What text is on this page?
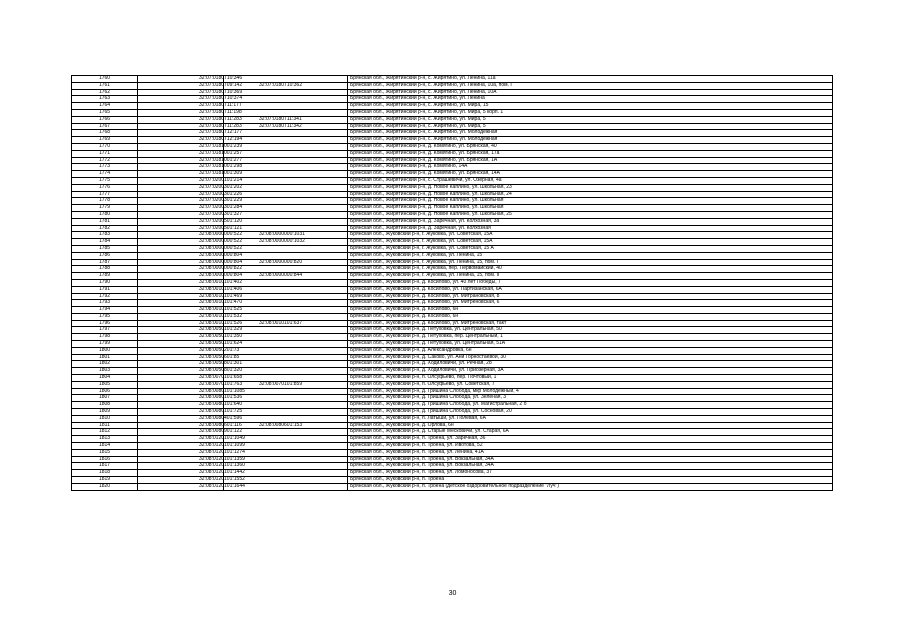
1760	32:07:0180710:346		Брянская обл., Жирятинский р-н, с. Жирятино, ул. Ленина, 11а
1761	32:07:0180709:142	32:07:0180710:362	Брянская обл., Жирятинский р-н, с. Жирятино, ул. Ленина, 10а, пом. I
1762	32:07:0180710:369		Брянская обл., Жирятинский р-н, с. Жирятино, ул. Ленина, 10А
1763	32:07:0180710:374		Брянская обл., Жирятинский р-н, с. Жирятино, ул. Ленина
1764	32:07:0180711:177		Брянская обл., Жирятинский р-н, с. Жирятино, ул. Мира, 15
1765	32:07:0180711:198		Брянская обл., Жирятинский р-н, с. Жирятино, ул. Мира, 5 корп. 1
1766	32:07:0180711:283	32:07:0180711:341	Брянская обл., Жирятинский р-н, с. Жирятино, ул. Мира, 5
1767	32:07:0180711:283	32:07:0180711:342	Брянская обл., Жирятинский р-н, с. Жирятино, ул. Мира, 5
1768	32:07:0180712:177		Брянская обл., Жирятинский р-н, с. Жирятино, ул. Молодежная
1769	32:07:0180712:194		Брянская обл., Жирятинский р-н, с. Жирятино, ул. Молодежная
1770	32:07:0181001:239		Брянская обл., Жирятинский р-н, д. Комягино, ул. Брянская, 40
1771	32:07:0181001:257		Брянская обл., Жирятинский р-н, д. Комягино, ул. Брянская, 17а
1772	32:07:0181001:277		Брянская обл., Жирятинский р-н, д. Комягино, ул. Брянская, 1А
1773	32:07:0181001:298		Брянская обл., Жирятинский р-н, д. Комягино, 14А
1774	32:07:0181001:309		Брянская обл., Жирятинский р-н, д. Комягино, ул. Брянская, 14А
1775	32:07:0200101:214		Брянская обл., Жирятинский р-н, с. Страшевичи, ул. Озерная, 4а
1776	32:07:0200301:202		Брянская обл., Жирятинский р-н, д. Новое Каплино, ул. Школьная, 23
1777	32:07:0200301:226		Брянская обл., Жирятинский р-н, д. Новое Каплино, ул. Школьная, 24
1778	32:07:0200301:229		Брянская обл., Жирятинский р-н, д. Новое Каплино, ул. Школьная
1779	32:07:0200301:284		Брянская обл., Жирятинский р-н, д. Новое Каплино, ул. Школьная
1780	32:07:0200301:327		Брянская обл., Жирятинский р-н, д. Новое Каплино, ул. Школьная, 25
1781	32:07:0200501:120		Брянская обл., Жирятинский р-н, д. Заречная, ул. Колхозная, 3а
1782	32:07:0200501:121		Брянская обл., Жирятинский р-н, д. Заречная, ул. Колхозная
1783	32:08:0000000:522	32:08:0000000:1031	Брянская обл., Жуковский р-н, г. Жуковка, ул. Советская, 15А
1784	32:08:0000000:522	32:08:0000000:1032	Брянская обл., Жуковский р-н, г. Жуковка, ул. Советская, 15А
1785	32:08:0000000:522		Брянская обл., Жуковский р-н, г. Жуковка, ул. Советская, 15 А
1786	32:08:0000000:804		Брянская обл., Жуковский р-н, г. Жуковка, ул. Ленина, 15
1787	32:08:0000000:804	32:08:0000000:820	Брянская обл., Жуковский р-н, г. Жуковка, ул. Ленина, 15, пом. I
1788	32:08:0000000:822		Брянская обл., Жуковский р-н, г. Жуковка, пер. Первомайский, 40
1789	32:08:0000000:804	32:08:0000000:844	Брянская обл., Жуковский р-н, г. Жуковка, ул. Ленина, 15, пом. II
1790	32:08:0010101:402		Брянская обл., Жуковский р-н, д. Косилово, ул. 40 лет Победы, 7
1791	32:08:0010101:406		Брянская обл., Жуковский р-н, д. Косилово, ул. Партизанская, 6А
1792	32:08:0010101:469		Брянская обл., Жуковский р-н, д. Косилово, ул. Митрановская, 8
1793	32:08:0010101:470		Брянская обл., Жуковский р-н, д. Косилово, ул. Митреновская, 6
1794	32:08:0010101:525		Брянская обл., Жуковский р-н, д. Косилово, 6н
1795	32:08:0010101:532		Брянская обл., Жуковский р-н, д. Косилово, 6н
1796	32:08:0010101:526	32:08:0010101:637	Брянская обл., Жуковский р-н, д. Косилово, ул. Митреновская, такт
1797	32:08:0050101:329		Брянская обл., Жуковский р-н, д. Петуховка, ул. Центральная, 50
1798	32:08:0050101:350		Брянская обл., Жуковский р-н, д. Петуховка, пер. Центральный, 1
1799	32:08:0050101:624		Брянская обл., Жуковский р-н, д. Петуховка, ул. Центральная, 51А
1800	32:08:0050201:73		Брянская обл., Жуковский р-н, д. Александровка, 6н
1801	32:08:0050601:85		Брянская обл., Жуковский р-н, д. Саково, ул. Ани Горностаевой, 30
1802	32:08:0050801:301		Брянская обл., Жуковский р-н, д. Ходиловичи, ул. Речная, 28
1803	32:08:0050801:320		Брянская обл., Жуковский р-н, д. Ходиловичи, ул. Приозерная, 3А
1804	32:08:0070101:658		Брянская обл., Жуковский р-н, п. Олсуфьево, пер. Почтовый, 1
1805	32:08:0070101:763	32:08:0070101:859	Брянская обл., Жуковский р-н, п. Олсуфьево, ул. Советская, 7
1806	32:08:0080101:1085		Брянская обл., Жуковский р-н, д. Гришина Слобода, мкр Молодежный, 4
1807	32:08:0080101:536		Брянская обл., Жуковский р-н, д. Гришина Слобода, ул. Зеленая, 3
1808	32:08:0080101:640		Брянская обл., Жуковский р-н, д. Гришина Слобода, ул. Магистральная, 2 б
1809	32:08:0080101:725		Брянская обл., Жуковский р-н, д. Гришина Слобода, ул. Сосновая, 20
1810	32:08:0080401:596		Брянская обл., Жуковский р-н, п. Латыши, ул. Полевая, 6А
1811	32:08:0080601:116	32:08:0080601:153	Брянская обл., Жуковский р-н, д. Орлова, 6н
1812	32:08:0080901:122		Брянская обл., Жуковский р-н, д. Старые Месковичи, ул. Старая, 6А
1813	32:08:0120101:1049		Брянская обл., Жуковский р-н, п. Троена, ул. Заречная, 36
1814	32:08:0120101:1099		Брянская обл., Жуковский р-н, п. Троена, ул. Ивотова, 52
1815	32:08:0120101:1274		Брянская обл., Жуковский р-н, п. Троена, ул. Ленина, 41А
1816	32:08:0120101:1359		Брянская обл., Жуковский р-н, п. Троена, ул. Вокзальная, 34А
1817	32:08:0120101:1360		Брянская обл., Жуковский р-н, п. Троена, ул. Вокзальная, 34А
1818	32:08:0120101:1442		Брянская обл., Жуковский р-н, п. Троена, ул. Ломоносова, 37
1819	32:08:0120101:1552		Брянская обл., Жуковский р-н, п. Троена
1820	32:08:0120101:1644		Брянская обл., Жуковский р-н, п. Троена (детское оздоровительное подразделение "Луч")
30
